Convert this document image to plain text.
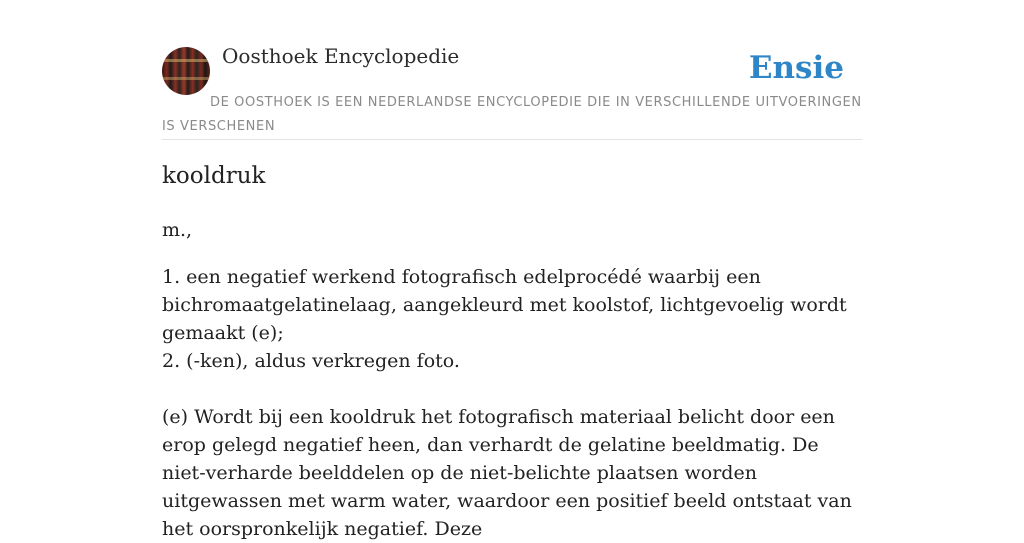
Oosthoek Encyclopedie	Ensie
DE OOSTHOEK IS EEN NEDERLANDSE ENCYCLOPEDIE DIE IN VERSCHILLENDE UITVOERINGEN IS VERSCHENEN
kooldruk

m.,

1. een negatief werkend fotografisch edelprocédé waarbij een bichromaatgelatinelaag, aangekleurd met koolstof, lichtgevoelig wordt gemaakt (e);

2. (-ken), aldus verkregen foto.

(e) Wordt bij een kooldruk het fotografisch materiaal belicht door een erop gelegd negatief heen, dan verhardt de gelatine beeldmatig. De niet-verharde beelddelen op de niet-belichte plaatsen worden uitgewassen met warm water, waardoor een positief beeld ontstaat van het oorspronkelijk negatief. Deze
